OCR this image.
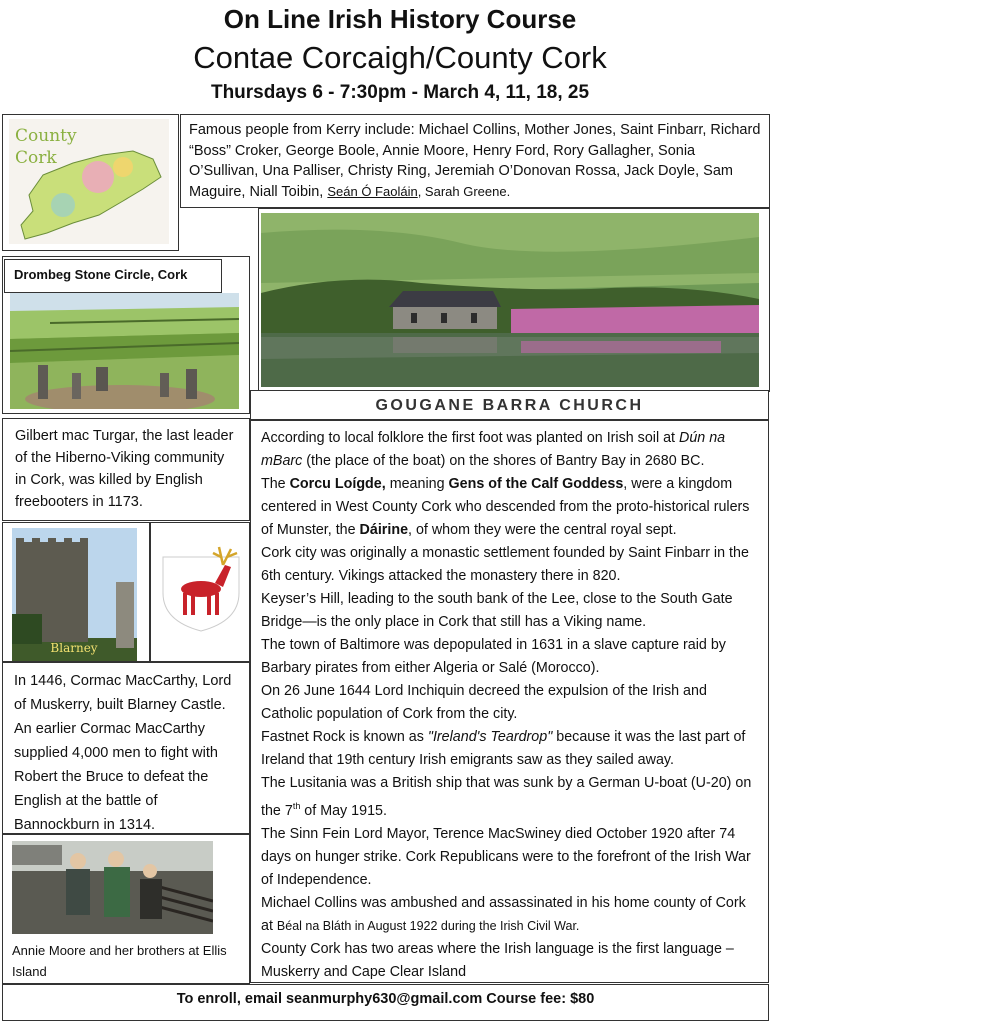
On Line Irish History Course
Contae Corcaigh/County Cork
Thursdays 6 - 7:30pm - March 4, 11, 18, 25
County
Cork
Famous people from Kerry include: Michael Collins, Mother Jones, Saint Finbarr, Richard “Boss” Croker, George Boole, Annie Moore, Henry Ford, Rory Gallagher, Sonia O’Sullivan, Una Palliser, Christy Ring, Jeremiah O’Donovan Rossa, Jack Doyle, Sam Maguire, Niall Toibin, Seán Ó Faoláin, Sarah Greene.
Drombeg Stone Circle, Cork
GOUGANE BARRA CHURCH
Gilbert mac Turgar, the last leader of the Hiberno-Viking community in Cork, was killed by English freebooters in 1173.

According to local folklore the first foot was planted on Irish soil at Dún na mBarc (the place of the boat) on the shores of Bantry Bay in 2680 BC.

The Corcu Loígde, meaning Gens of the Calf Goddess, were a kingdom centered in West County Cork who descended from the proto-historical rulers of Munster, the Dáirine, of whom they were the central royal sept.

Cork city was originally a monastic settlement founded by Saint Finbarr in the 6th century. Vikings attacked the monastery there in 820.

Keyser’s Hill, leading to the south bank of the Lee, close to the South Gate Bridge—is the only place in Cork that still has a Viking name.

The town of Baltimore was depopulated in 1631 in a slave capture raid by Barbary pirates from either Algeria or Salé (Morocco).

On 26 June 1644 Lord Inchiquin decreed the expulsion of the Irish and Catholic population of Cork from the city.

Fastnet Rock is known as "Ireland's Teardrop" because it was the last part of Ireland that 19th century Irish emigrants saw as they sailed away.

The Lusitania was a British ship that was sunk by a German U-boat (U-20) on the 7th of May 1915.

The Sinn Fein Lord Mayor, Terence MacSwiney died October 1920 after 74 days on hunger strike. Cork Republicans were to the forefront of the Irish War of Independence.

Michael Collins was ambushed and assassinated in his home county of Cork at Béal na Bláth in August 1922 during the Irish Civil War.

County Cork has two areas where the Irish language is the first language – Muskerry and Cape Clear Island

Blarney
In 1446, Cormac MacCarthy, Lord of Muskerry, built Blarney Castle. An earlier Cormac MacCarthy supplied 4,000 men to fight with Robert the Bruce to defeat the English at the battle of Bannockburn in 1314.
Annie Moore and her brothers at Ellis Island
To enroll, email seanmurphy630@gmail.com Course fee: $80
